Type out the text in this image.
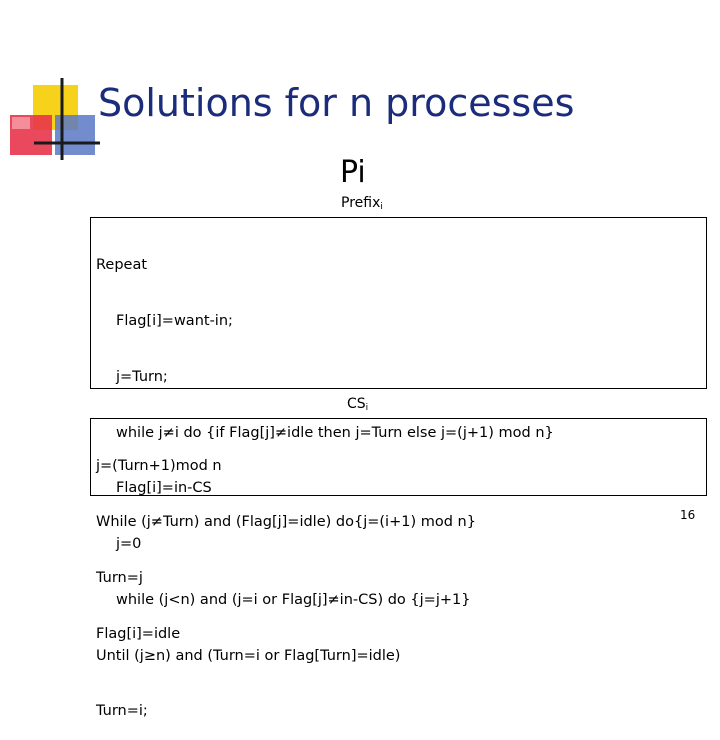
Solutions for n processes
Pi
Prefix$_i$

Repeat

Flag[i]=want-in;

j=Turn;

while j≠i do {if Flag[j]≠idle then j=Turn else j=(j+1) mod n}

Flag[i]=in-CS

j=0

while (j<n) and (j=i or Flag[j]≠in-CS) do {j=j+1}

Until (j≥n) and (Turn=i or Flag[Turn]=idle)

Turn=i;

$CS_i$

j=(Turn+1)mod n

While (j≠Turn) and (Flag[j]=idle) do{j=(i+1) mod n}

Turn=j

Flag[i]=idle

16
